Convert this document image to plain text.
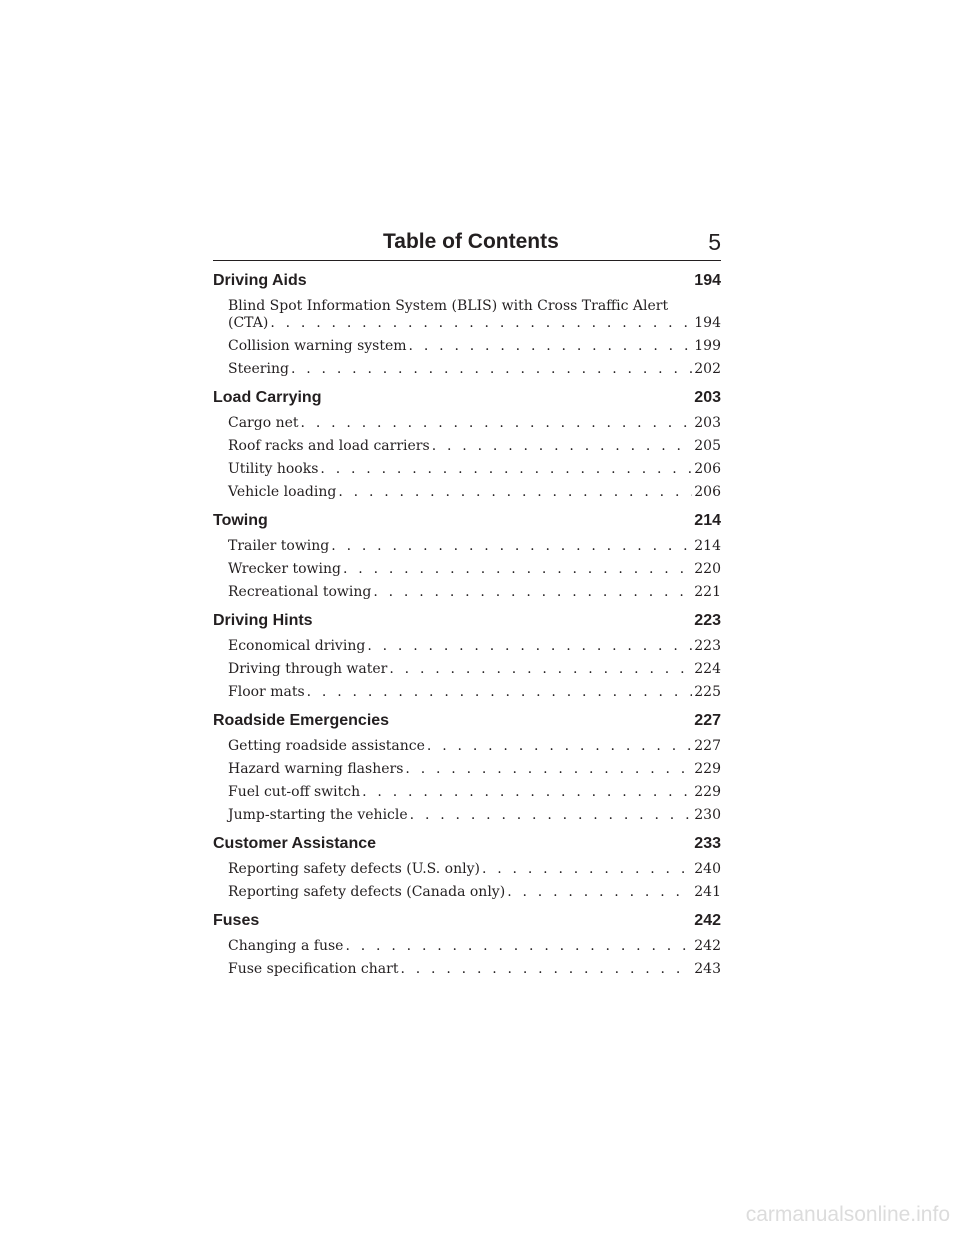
Table of Contents	5
Driving Aids	194
Blind Spot Information System (BLIS) with Cross Traffic Alert
(CTA) . . .	194
Collision warning system . . .	199
Steering . . .	202
Load Carrying	203
Cargo net . . .	203
Roof racks and load carriers . . .	205
Utility hooks . . .	206
Vehicle loading . . .	206
Towing	214
Trailer towing . . .	214
Wrecker towing . . .	220
Recreational towing . . .	221
Driving Hints	223
Economical driving . . .	223
Driving through water . . .	224
Floor mats . . .	225
Roadside Emergencies	227
Getting roadside assistance . . .	227
Hazard warning flashers . . .	229
Fuel cut-off switch . . .	229
Jump-starting the vehicle . . .	230
Customer Assistance	233
Reporting safety defects (U.S. only) . . .	240
Reporting safety defects (Canada only) . . .	241
Fuses	242
Changing a fuse . . .	242
Fuse specification chart . . .	243
carmanualsonline.info
